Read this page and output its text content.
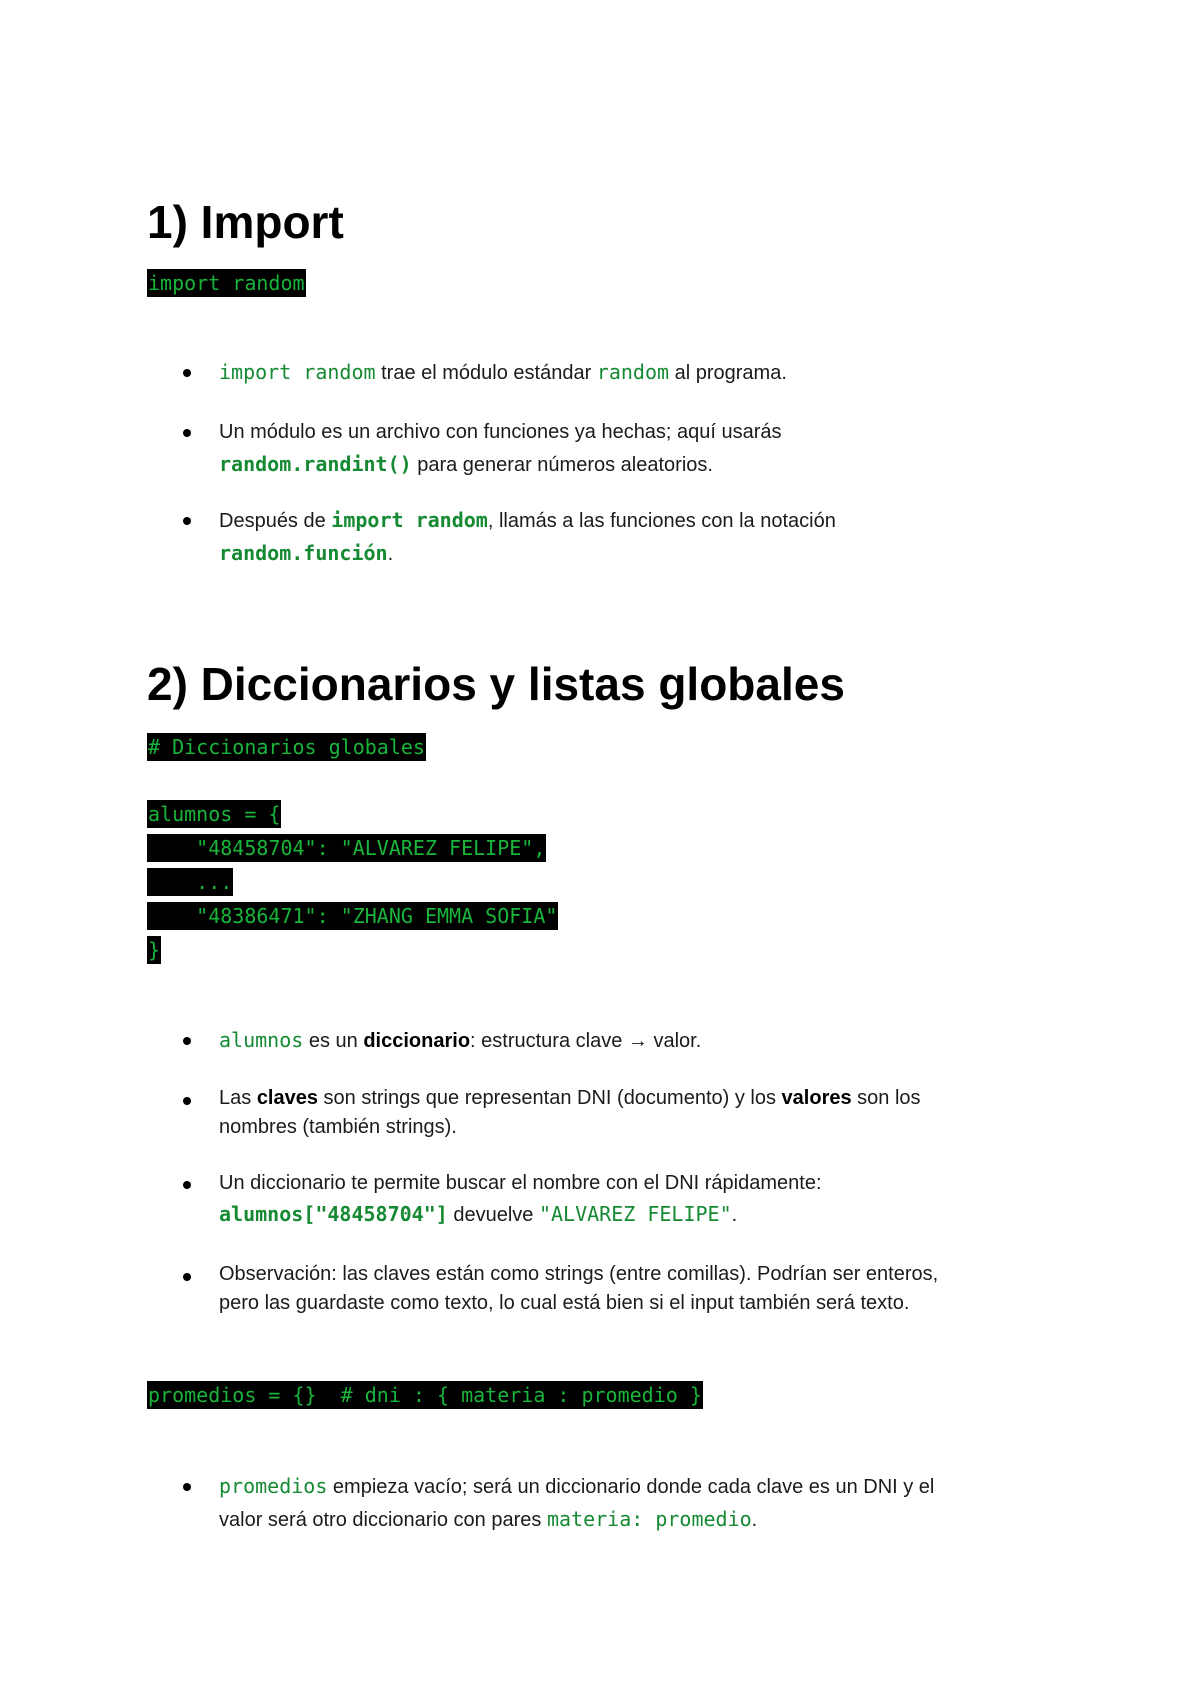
1) Import
import random
import random trae el módulo estándar random al programa.
Un módulo es un archivo con funciones ya hechas; aquí usarás
random.randint() para generar números aleatorios.
Después de import random, llamás a las funciones con la notación
random.función.
2) Diccionarios y listas globales
# Diccionarios globales
alumnos = {
"48458704": "ALVAREZ FELIPE",
...
"48386471": "ZHANG EMMA SOFIA"
}
alumnos es un diccionario: estructura clave → valor.
Las claves son strings que representan DNI (documento) y los valores son los
nombres (también strings).
Un diccionario te permite buscar el nombre con el DNI rápidamente:
alumnos["48458704"] devuelve "ALVAREZ FELIPE".
Observación: las claves están como strings (entre comillas). Podrían ser enteros,
pero las guardaste como texto, lo cual está bien si el input también será texto.
promedios = {}  # dni : { materia : promedio }
promedios empieza vacío; será un diccionario donde cada clave es un DNI y el
valor será otro diccionario con pares materia: promedio.
